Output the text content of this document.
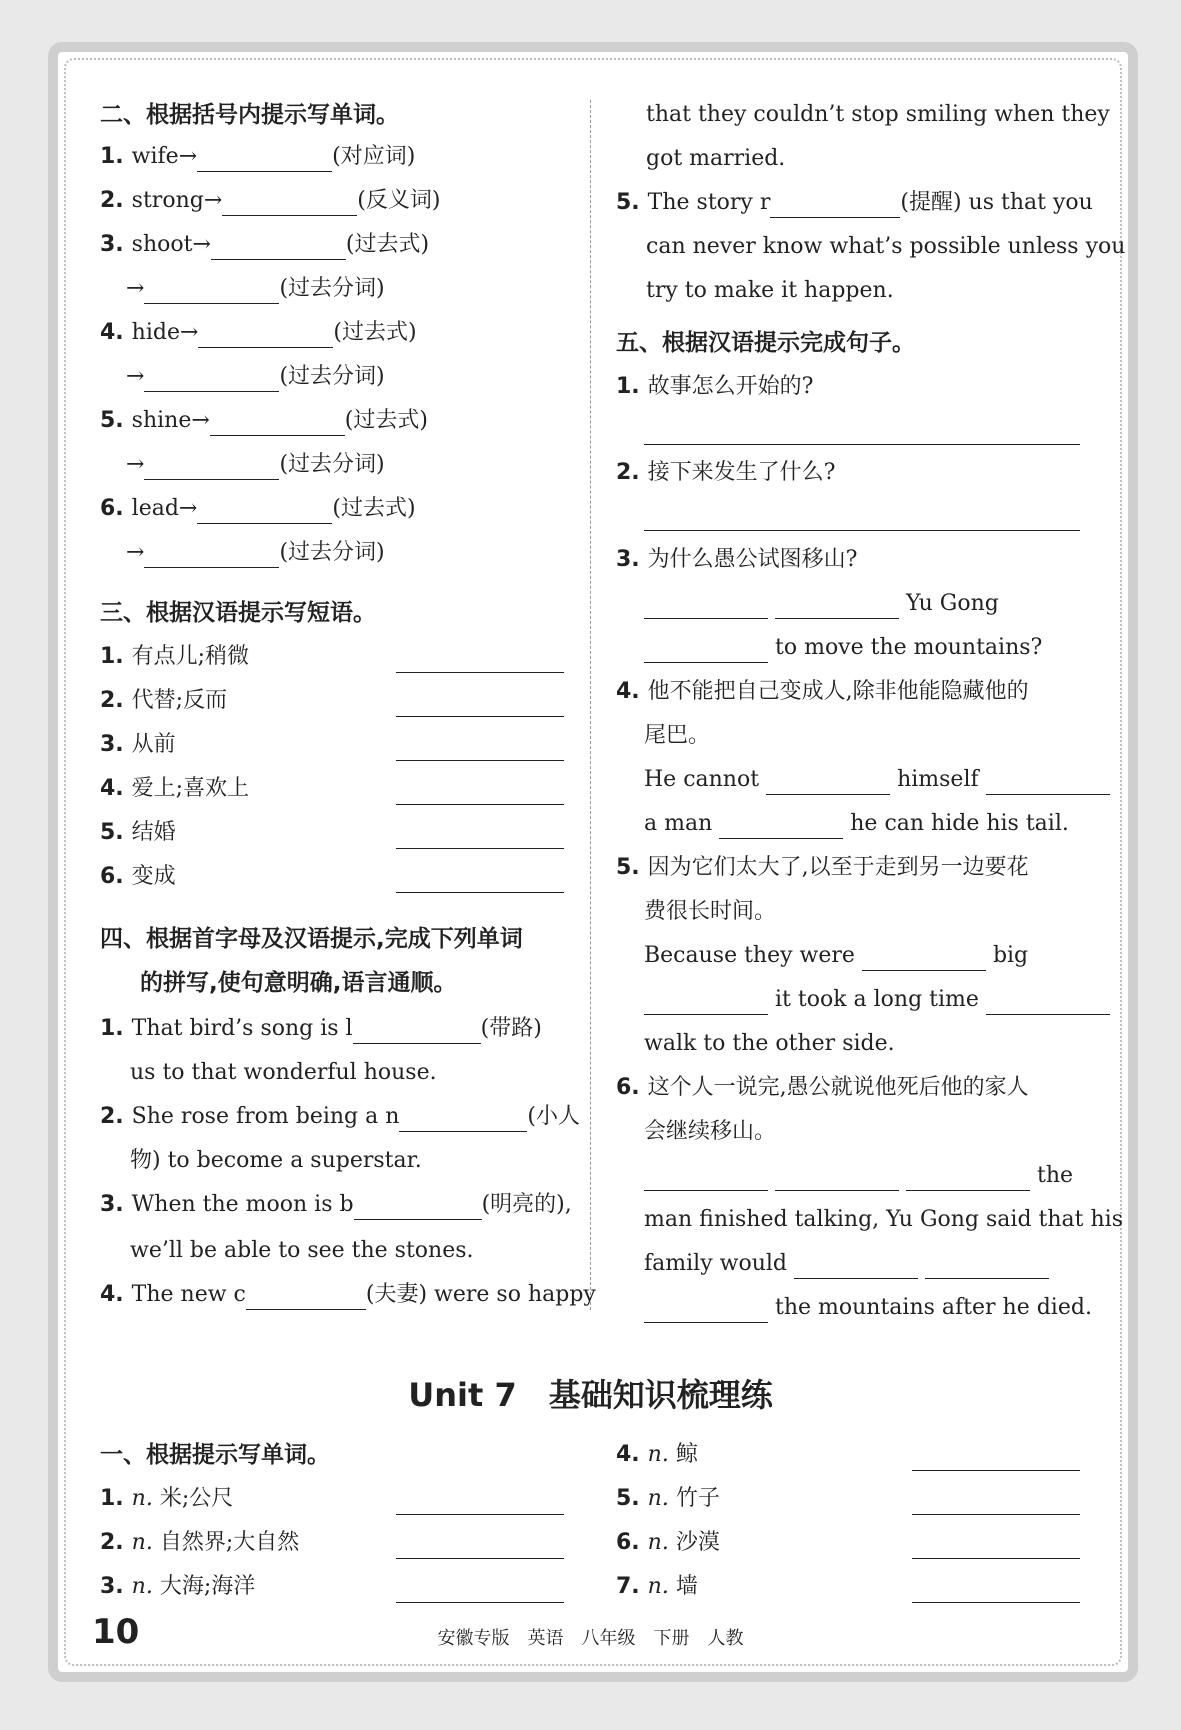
二、根据括号内提示写单词。
1. wife→	(对应词)
2. strong→	(反义词)
3. shoot→	(过去式)
→	(过去分词)
4. hide→	(过去式)
→	(过去分词)
5. shine→	(过去式)
→	(过去分词)
6. lead→	(过去式)
→	(过去分词)
三、根据汉语提示写短语。
1. 有点儿;稍微
2. 代替;反而
3. 从前
4. 爱上;喜欢上
5. 结婚
6. 变成
四、根据首字母及汉语提示,完成下列单词
的拼写,使句意明确,语言通顺。
1. That bird’s song is l	(带路)
us to that wonderful house.
2. She rose from being a n	(小人
物) to become a superstar.
3. When the moon is b	(明亮的),
we’ll be able to see the stones.
4. The new c	(夫妻) were so happy
that they couldn’t stop smiling when they
got married.
5. The story r	(提醒) us that you
can never know what’s possible unless you
try to make it happen.
五、根据汉语提示完成句子。
1. 故事怎么开始的?
2. 接下来发生了什么?
3. 为什么愚公试图移山?
Yu Gong
to move the mountains?
4. 他不能把自己变成人,除非他能隐藏他的
尾巴。
He cannot	himself
a man	he can hide his tail.
5. 因为它们太大了,以至于走到另一边要花
费很长时间。
Because they were	big
it took a long time
walk to the other side.
6. 这个人一说完,愚公就说他死后他的家人
会继续移山。
the
man finished talking, Yu Gong said that his
family would
the mountains after he died.
Unit 7　基础知识梳理练
一、根据提示写单词。
1. n. 米;公尺
2. n. 自然界;大自然
3. n. 大海;海洋
4. n. 鲸
5. n. 竹子
6. n. 沙漠
7. n. 墙
10	安徽专版　英语　八年级　下册　人教
